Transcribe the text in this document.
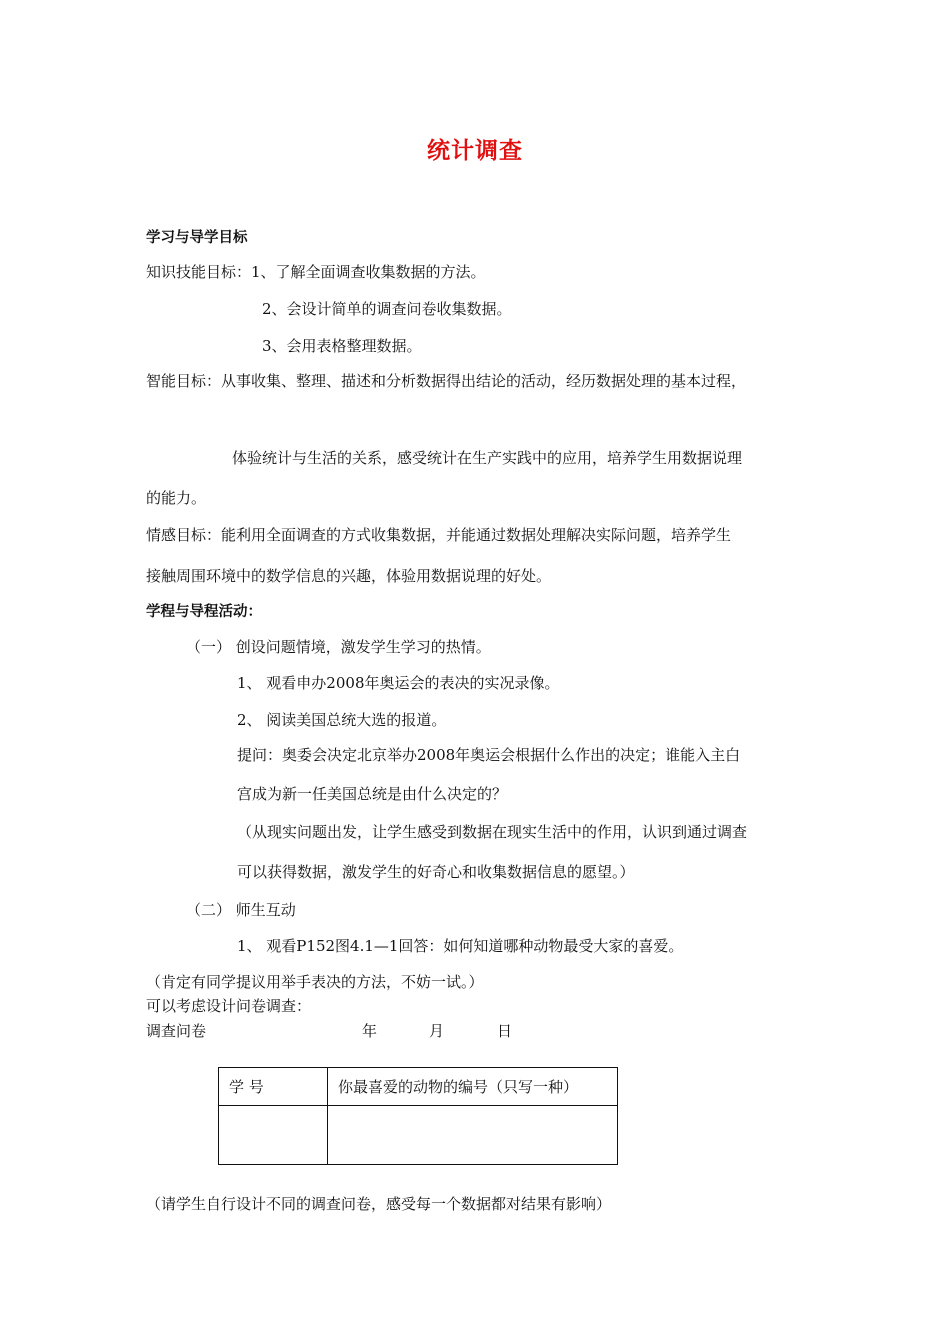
统计调查
学习与导学目标
知识技能目标：1、了解全面调查收集数据的方法。
2、会设计简单的调查问卷收集数据。
3、会用表格整理数据。
智能目标：从事收集、整理、描述和分析数据得出结论的活动，经历数据处理的基本过程，
体验统计与生活的关系，感受统计在生产实践中的应用，培养学生用数据说理
的能力。
情感目标：能利用全面调查的方式收集数据，并能通过数据处理解决实际问题，培养学生
接触周围环境中的数学信息的兴趣，体验用数据说理的好处。
学程与导程活动：
（一） 创设问题情境，激发学生学习的热情。
1、 观看申办2008年奥运会的表决的实况录像。
2、 阅读美国总统大选的报道。
提问：奥委会决定北京举办2008年奥运会根据什么作出的决定；谁能入主白
宫成为新一任美国总统是由什么决定的？
（从现实问题出发，让学生感受到数据在现实生活中的作用，认识到通过调查
可以获得数据，激发学生的好奇心和收集数据信息的愿望。）
（二） 师生互动
1、 观看P152图4.1—1回答：如何知道哪种动物最受大家的喜爱。
（肯定有同学提议用举手表决的方法，不妨一试。）
可以考虑设计问卷调查：
调查问卷	年	月	日
学 号	你最喜爱的动物的编号（只写一种）

（请学生自行设计不同的调查问卷，感受每一个数据都对结果有影响）
